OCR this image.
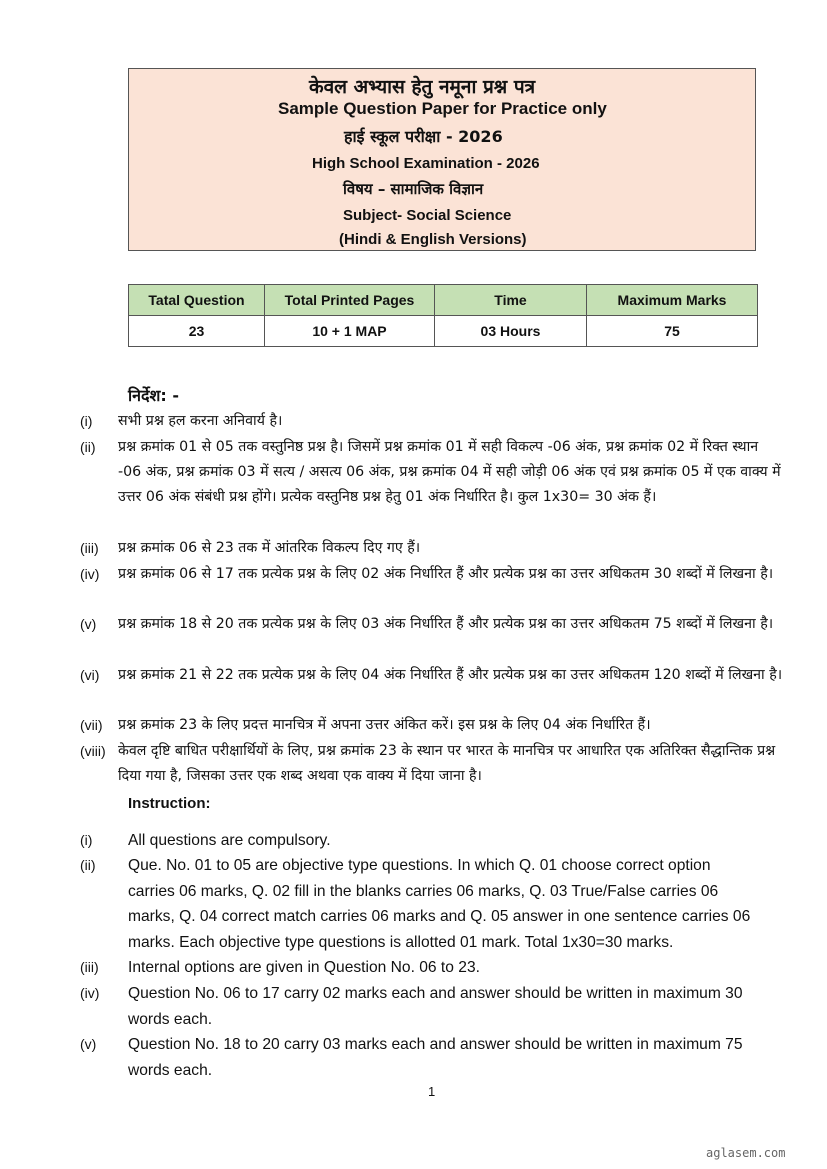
केवल अभ्यास हेतु नमूना प्रश्न पत्र
Sample Question Paper for Practice only
हाई स्कूल परीक्षा - 2026
High School Examination - 2026
विषय – सामाजिक विज्ञान
Subject- Social Science
(Hindi & English Versions)
Tatal Question	Total Printed Pages	Time	Maximum Marks
23	10 + 1 MAP	03 Hours	75
निर्देश: -
(i) सभी प्रश्न हल करना अनिवार्य है।
(ii) प्रश्न क्रमांक 01 से 05 तक वस्तुनिष्ठ प्रश्न है। जिसमें प्रश्न क्रमांक 01 में सही विकल्प -06 अंक, प्रश्न क्रमांक 02 में रिक्त स्थान -06 अंक, प्रश्न क्रमांक 03 में सत्य / असत्य 06 अंक, प्रश्न क्रमांक 04 में सही जोड़ी 06 अंक एवं प्रश्न क्रमांक 05 में एक वाक्य में उत्तर 06 अंक संबंधी प्रश्न होंगे। प्रत्येक वस्तुनिष्ठ प्रश्न हेतु 01 अंक निर्धारित है। कुल 1x30= 30 अंक हैं।
(iii) प्रश्न क्रमांक 06 से 23 तक में आंतरिक विकल्प दिए गए हैं।
(iv) प्रश्न क्रमांक 06 से 17 तक प्रत्येक प्रश्न के लिए 02 अंक निर्धारित हैं और प्रत्येक प्रश्न का उत्तर अधिकतम 30 शब्दों में लिखना है।
(v) प्रश्न क्रमांक 18 से 20 तक प्रत्येक प्रश्न के लिए 03 अंक निर्धारित हैं और प्रत्येक प्रश्न का उत्तर अधिकतम 75 शब्दों में लिखना है।
(vi) प्रश्न क्रमांक 21 से 22 तक प्रत्येक प्रश्न के लिए 04 अंक निर्धारित हैं और प्रत्येक प्रश्न का उत्तर अधिकतम 120 शब्दों में लिखना है।
(vii) प्रश्न क्रमांक 23 के लिए प्रदत्त मानचित्र में अपना उत्तर अंकित करें। इस प्रश्न के लिए 04 अंक निर्धारित हैं।
(viii) केवल दृष्टि बाधित परीक्षार्थियों के लिए, प्रश्न क्रमांक 23 के स्थान पर भारत के मानचित्र पर आधारित एक अतिरिक्त सैद्धान्तिक प्रश्न दिया गया है, जिसका उत्तर एक शब्द अथवा एक वाक्य में दिया जाना है।
Instruction:
(i) All questions are compulsory.
(ii) Que. No. 01 to 05 are objective type questions. In which Q. 01 choose correct option carries 06 marks, Q. 02 fill in the blanks carries 06 marks, Q. 03 True/False carries 06 marks, Q. 04 correct match carries 06 marks and Q. 05 answer in one sentence carries 06 marks. Each objective type questions is allotted 01 mark. Total 1x30=30 marks.
(iii) Internal options are given in Question No. 06 to 23.
(iv) Question No. 06 to 17 carry 02 marks each and answer should be written in maximum 30 words each.
(v) Question No. 18 to 20 carry 03 marks each and answer should be written in maximum 75 words each.
1
aglasem.com
